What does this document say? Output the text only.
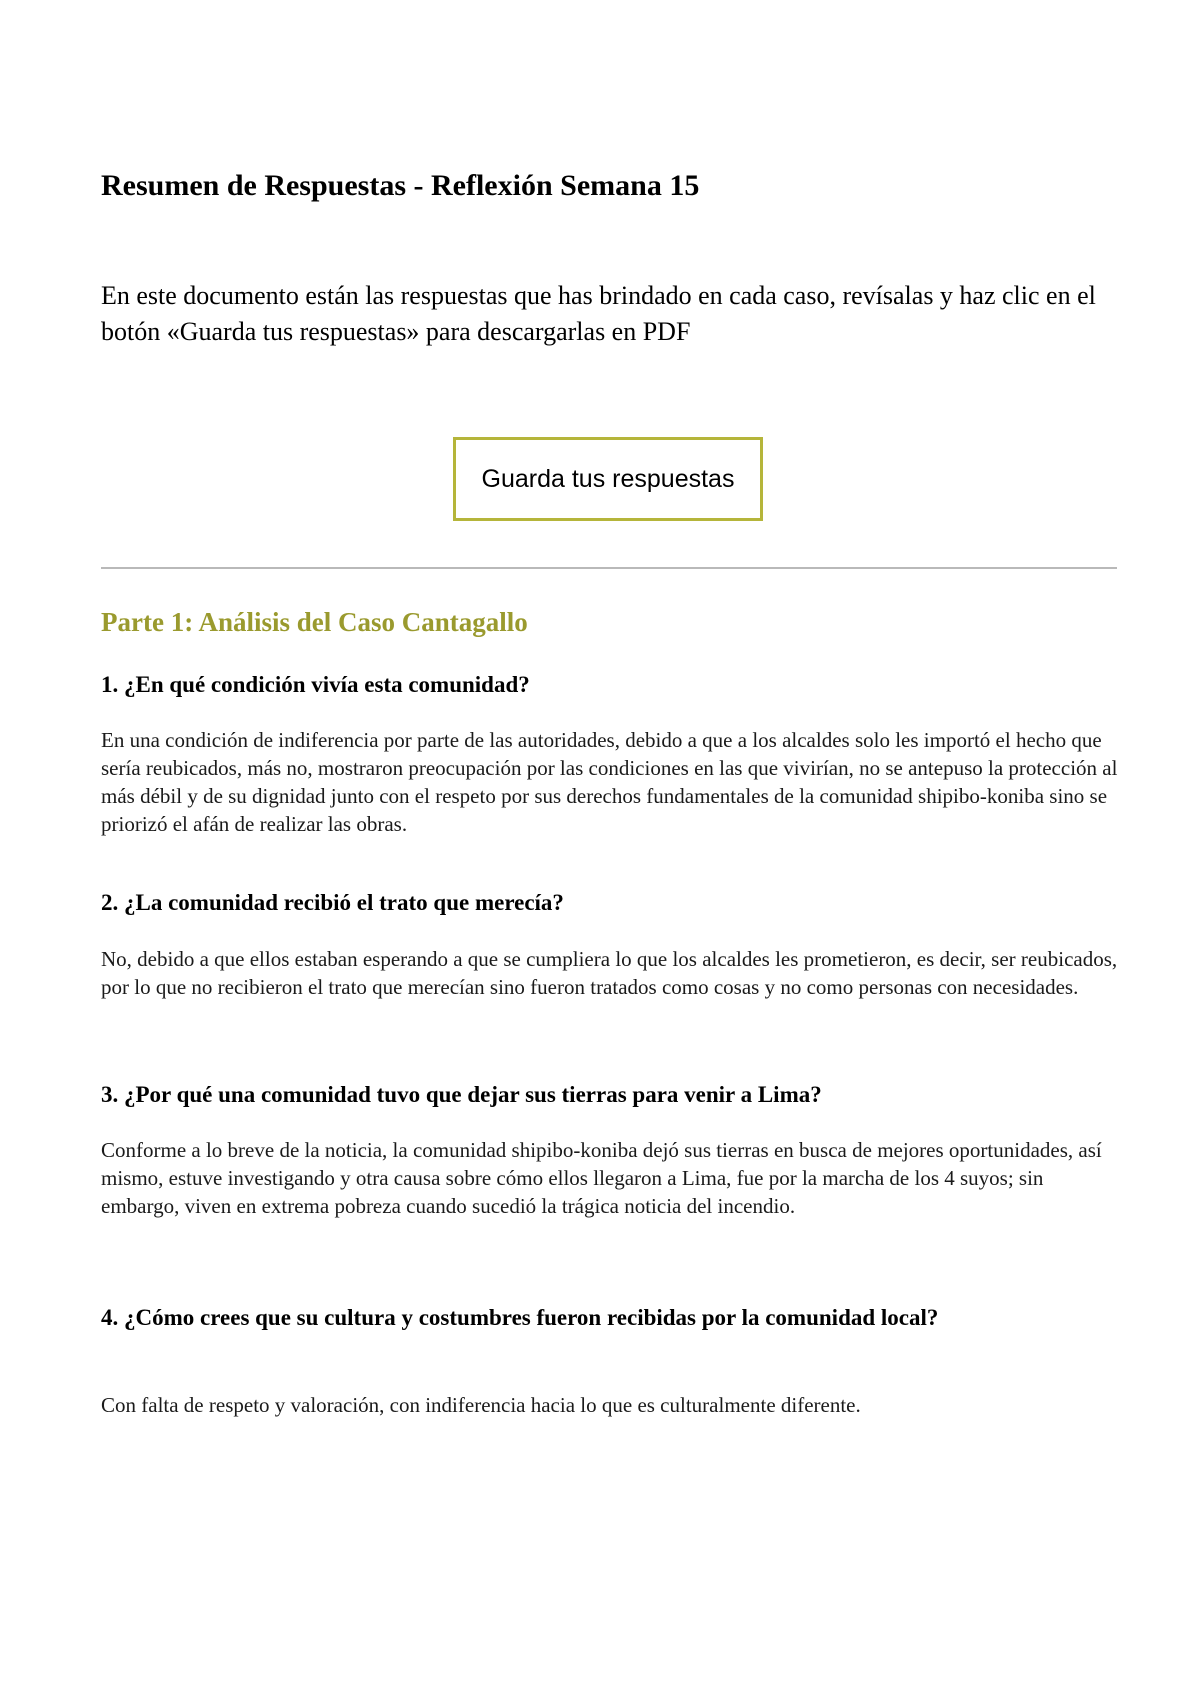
Resumen de Respuestas - Reflexión Semana 15

En este documento están las respuestas que has brindado en cada caso, revísalas y haz clic en el botón «Guarda tus respuestas» para descargarlas en PDF

Guarda tus respuestas
Parte 1: Análisis del Caso Cantagallo
1. ¿En qué condición vivía esta comunidad?

En una condición de indiferencia por parte de las autoridades, debido a que a los alcaldes solo les importó el hecho que sería reubicados, más no, mostraron preocupación por las condiciones en las que vivirían, no se antepuso la protección al más débil y de su dignidad junto con el respeto por sus derechos fundamentales de la comunidad shipibo-koniba sino se priorizó el afán de realizar las obras.

2. ¿La comunidad recibió el trato que merecía?

No, debido a que ellos estaban esperando a que se cumpliera lo que los alcaldes les prometieron, es decir, ser reubicados, por lo que no recibieron el trato que merecían sino fueron tratados como cosas y no como personas con necesidades.

3. ¿Por qué una comunidad tuvo que dejar sus tierras para venir a Lima?

Conforme a lo breve de la noticia, la comunidad shipibo-koniba dejó sus tierras en busca de mejores oportunidades, así mismo, estuve investigando y otra causa sobre cómo ellos llegaron a Lima, fue por la marcha de los 4 suyos; sin embargo, viven en extrema pobreza cuando sucedió la trágica noticia del incendio.

4. ¿Cómo crees que su cultura y costumbres fueron recibidas por la comunidad local?

Con falta de respeto y valoración, con indiferencia hacia lo que es culturalmente diferente.
